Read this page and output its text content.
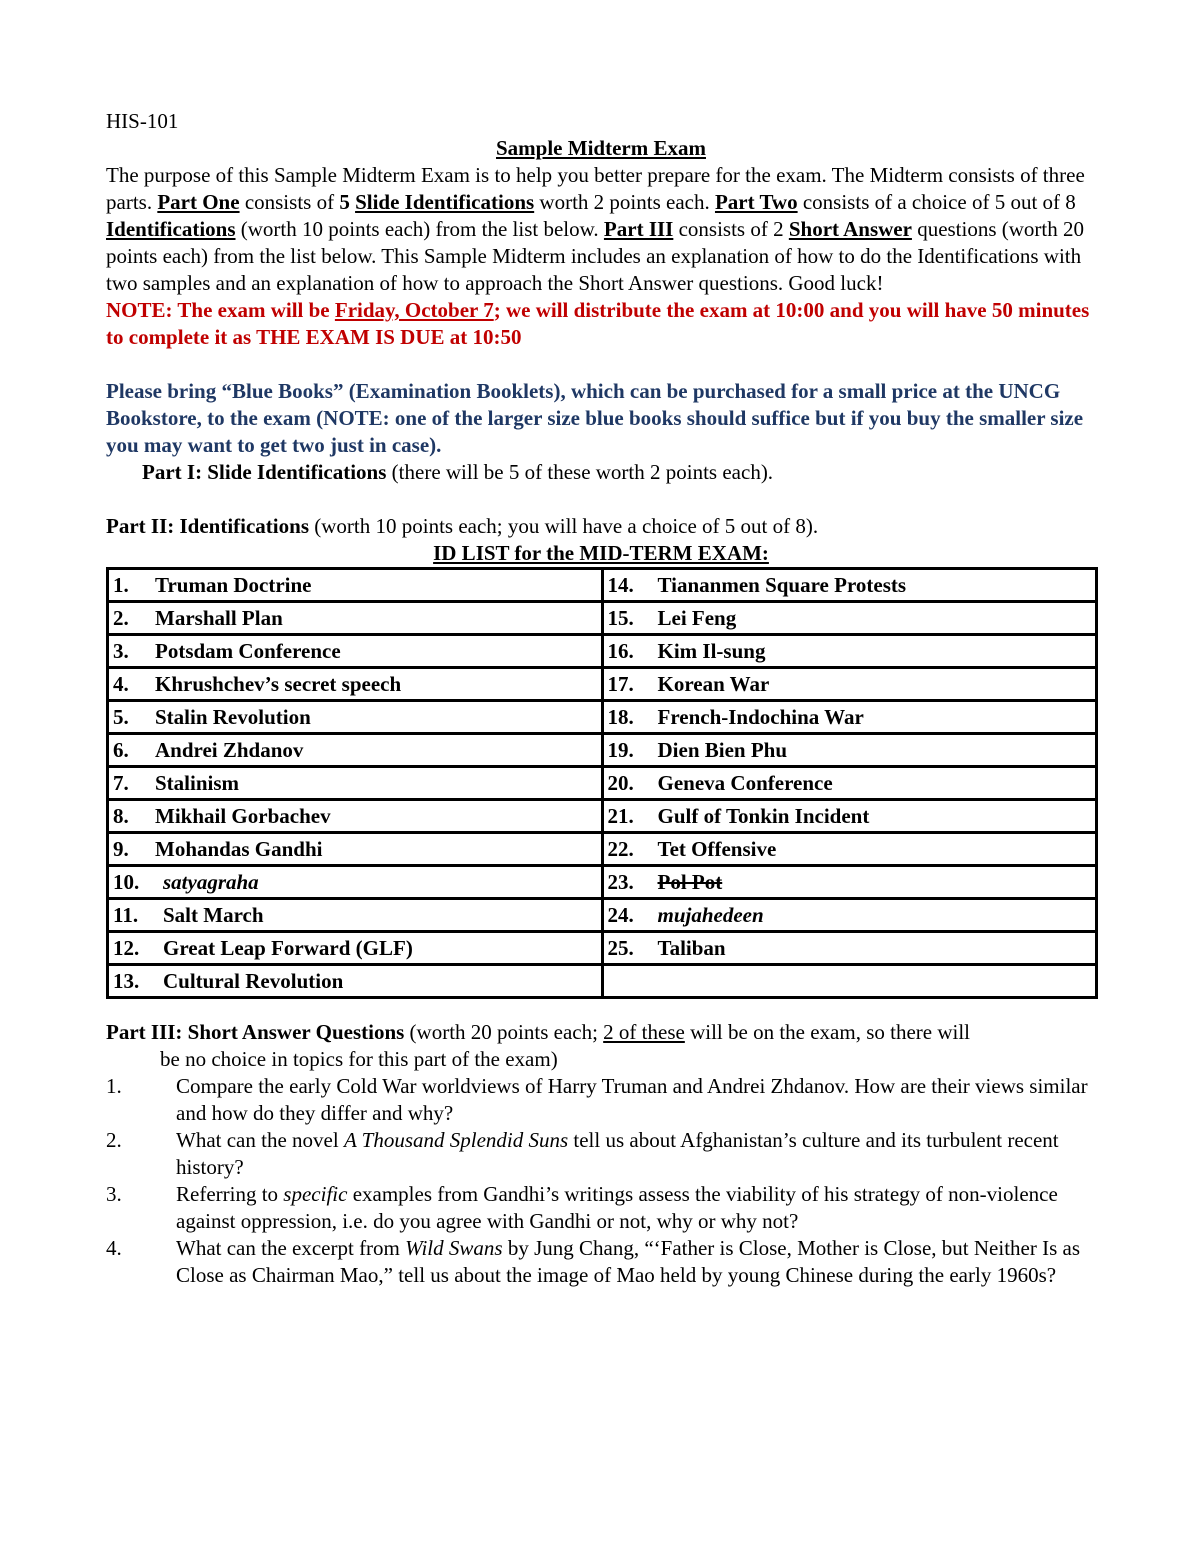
HIS-101
Sample Midterm Exam
The purpose of this Sample Midterm Exam is to help you better prepare for the exam. The Midterm consists of three parts. Part One consists of 5 Slide Identifications worth 2 points each. Part Two consists of a choice of 5 out of 8 Identifications (worth 10 points each) from the list below. Part III consists of 2 Short Answer questions (worth 20 points each) from the list below. This Sample Midterm includes an explanation of how to do the Identifications with two samples and an explanation of how to approach the Short Answer questions. Good luck!
NOTE: The exam will be Friday, October 7; we will distribute the exam at 10:00 and you will have 50 minutes to complete it as THE EXAM IS DUE at 10:50
Please bring “Blue Books” (Examination Booklets), which can be purchased for a small price at the UNCG Bookstore, to the exam (NOTE: one of the larger size blue books should suffice but if you buy the smaller size you may want to get two just in case).
Part I: Slide Identifications (there will be 5 of these worth 2 points each).
Part II: Identifications (worth 10 points each; you will have a choice of 5 out of 8).
ID LIST for the MID-TERM EXAM:
1. Truman Doctrine	14. Tiananmen Square Protests
2. Marshall Plan	15. Lei Feng
3. Potsdam Conference	16. Kim Il-sung
4. Khrushchev’s secret speech	17. Korean War
5. Stalin Revolution	18. French-Indochina War
6. Andrei Zhdanov	19. Dien Bien Phu
7. Stalinism	20. Geneva Conference
8. Mikhail Gorbachev	21. Gulf of Tonkin Incident
9. Mohandas Gandhi	22. Tet Offensive
10. satyagraha	23. Pol Pot
11. Salt March	24. mujahedeen
12. Great Leap Forward (GLF)	25. Taliban
13. Cultural Revolution	
Part III: Short Answer Questions (worth 20 points each; 2 of these will be on the exam, so there will
be no choice in topics for this part of the exam)
1.	Compare the early Cold War worldviews of Harry Truman and Andrei Zhdanov. How are their views similar and how do they differ and why?
2.	What can the novel A Thousand Splendid Suns tell us about Afghanistan’s culture and its turbulent recent history?
3.	Referring to specific examples from Gandhi’s writings assess the viability of his strategy of non-violence against oppression, i.e. do you agree with Gandhi or not, why or why not?
4.	What can the excerpt from Wild Swans by Jung Chang, “‘Father is Close, Mother is Close, but Neither Is as Close as Chairman Mao,” tell us about the image of Mao held by young Chinese during the early 1960s?
